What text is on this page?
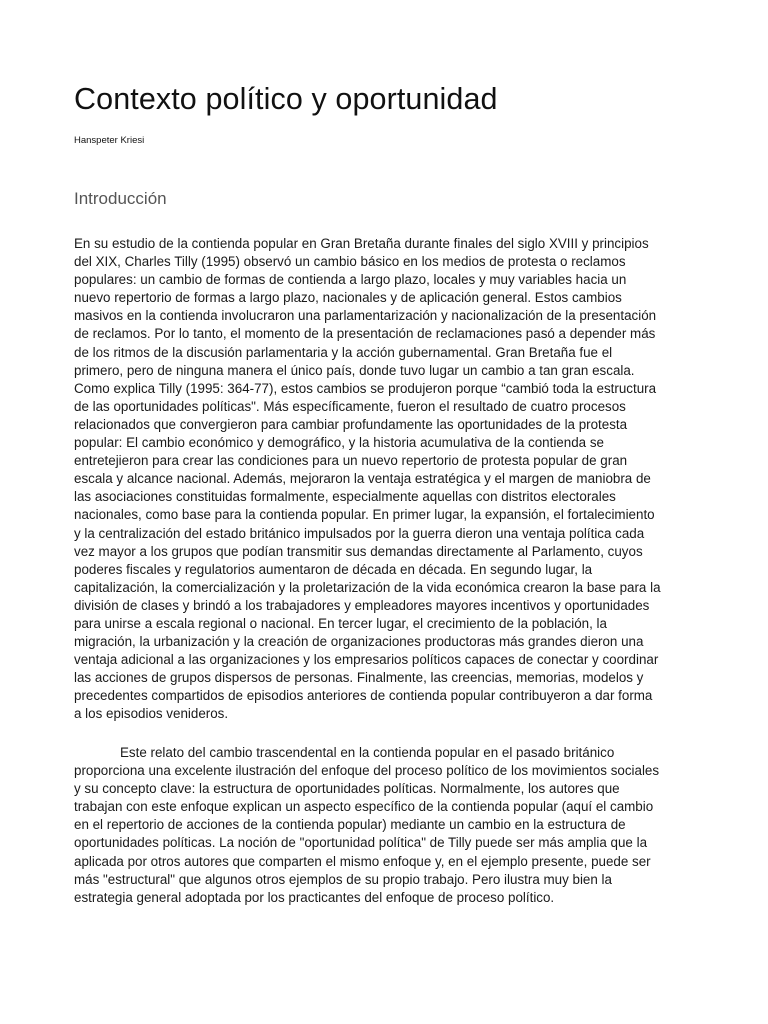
Contexto político y oportunidad

Hanspeter Kriesi

Introducción
En su estudio de la contienda popular en Gran Bretaña durante finales del siglo XVIII y principios
del XIX, Charles Tilly (1995) observó un cambio básico en los medios de protesta o reclamos
populares: un cambio de formas de contienda a largo plazo, locales y muy variables hacia un
nuevo repertorio de formas a largo plazo, nacionales y de aplicación general. Estos cambios
masivos en la contienda involucraron una parlamentarización y nacionalización de la presentación
de reclamos. Por lo tanto, el momento de la presentación de reclamaciones pasó a depender más
de los ritmos de la discusión parlamentaria y la acción gubernamental. Gran Bretaña fue el
primero, pero de ninguna manera el único país, donde tuvo lugar un cambio a tan gran escala.
Como explica Tilly (1995: 364-77), estos cambios se produjeron porque “cambió toda la estructura
de las oportunidades políticas". Más específicamente, fueron el resultado de cuatro procesos
relacionados que convergieron para cambiar profundamente las oportunidades de la protesta
popular: El cambio económico y demográfico, y la historia acumulativa de la contienda se
entretejieron para crear las condiciones para un nuevo repertorio de protesta popular de gran
escala y alcance nacional. Además, mejoraron la ventaja estratégica y el margen de maniobra de
las asociaciones constituidas formalmente, especialmente aquellas con distritos electorales
nacionales, como base para la contienda popular. En primer lugar, la expansión, el fortalecimiento
y la centralización del estado británico impulsados por la guerra dieron una ventaja política cada
vez mayor a los grupos que podían transmitir sus demandas directamente al Parlamento, cuyos
poderes fiscales y regulatorios aumentaron de década en década. En segundo lugar, la
capitalización, la comercialización y la proletarización de la vida económica crearon la base para la
división de clases y brindó a los trabajadores y empleadores mayores incentivos y oportunidades
para unirse a escala regional o nacional. En tercer lugar, el crecimiento de la población, la
migración, la urbanización y la creación de organizaciones productoras más grandes dieron una
ventaja adicional a las organizaciones y los empresarios políticos capaces de conectar y coordinar
las acciones de grupos dispersos de personas. Finalmente, las creencias, memorias, modelos y
precedentes compartidos de episodios anteriores de contienda popular contribuyeron a dar forma
a los episodios venideros.
Este relato del cambio trascendental en la contienda popular en el pasado británico
proporciona una excelente ilustración del enfoque del proceso político de los movimientos sociales
y su concepto clave: la estructura de oportunidades políticas. Normalmente, los autores que
trabajan con este enfoque explican un aspecto específico de la contienda popular (aquí el cambio
en el repertorio de acciones de la contienda popular) mediante un cambio en la estructura de
oportunidades políticas. La noción de "oportunidad política" de Tilly puede ser más amplia que la
aplicada por otros autores que comparten el mismo enfoque y, en el ejemplo presente, puede ser
más "estructural" que algunos otros ejemplos de su propio trabajo. Pero ilustra muy bien la
estrategia general adoptada por los practicantes del enfoque de proceso político.
